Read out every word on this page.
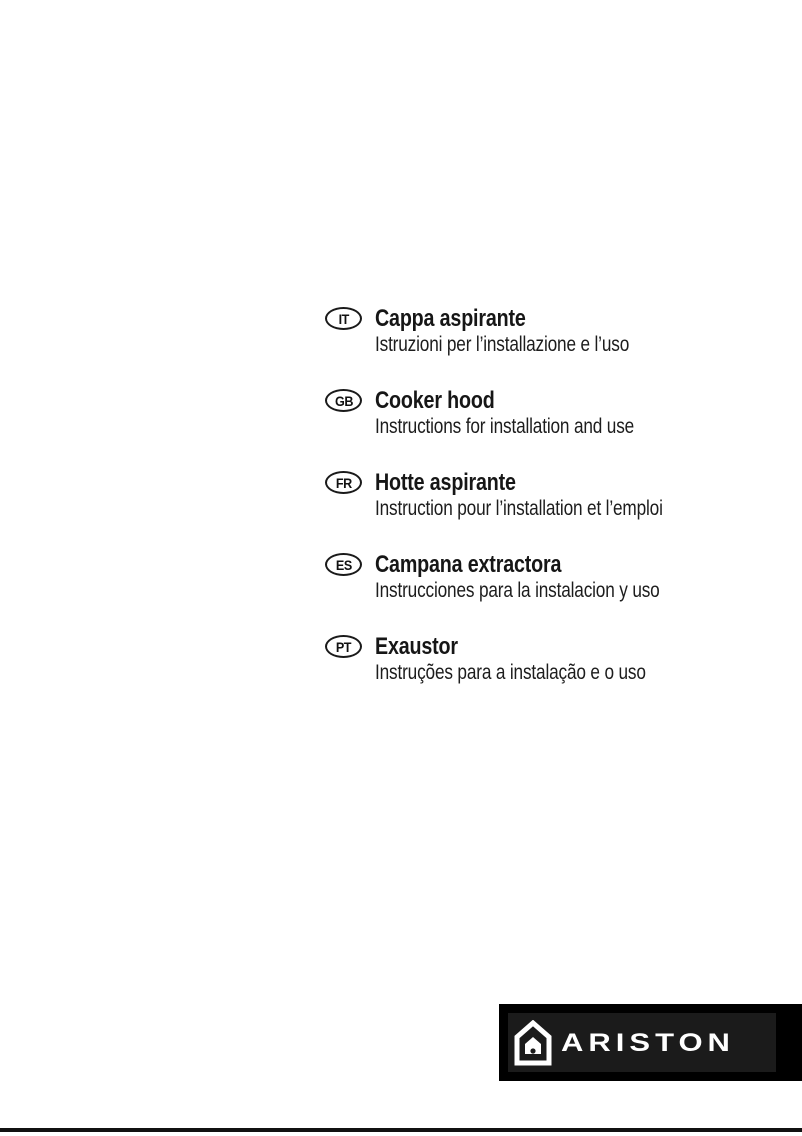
IT Cappa aspirante
Istruzioni per l’installazione e l’uso
GB Cooker hood
Instructions for installation and use
FR Hotte aspirante
Instruction pour l’installation et l’emploi
ES Campana extractora
Instrucciones para la instalacion y uso
PT Exaustor
Instruções para a instalação e o uso
ARISTON
